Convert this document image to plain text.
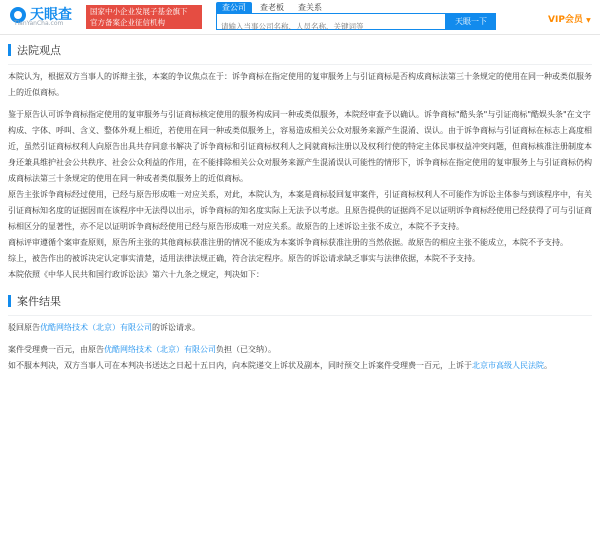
天眼查
TianYanCha.com
国家中小企业发展子基金旗下
官方备案企业征信机构
查公司	查老板	查关系
请输入当事公司名称、人员名称、关键词等
天眼一下	VIP会员 ▼
法院观点

本院认为，根据双方当事人的诉辩主张，本案的争议焦点在于：诉争商标在指定使用的复审服务上与引证商标是否构成商标法第三十条规定的使用在同一种或类似服务上的近似商标。

鉴于原告认可诉争商标指定使用的复审服务与引证商标核定使用的服务构成同一种或类似服务，本院经审查予以确认。诉争商标"酷头条"与引证商标"酷娱头条"在文字构成、字体、呼叫、含义、整体外观上相近，若使用在同一种或类似服务上，容易造成相关公众对服务来源产生混淆、误认。由于诉争商标与引证商标在标志上高度相近，虽然引证商标权利人向原告出具共存同意书解决了诉争商标和引证商标权利人之间就商标注册以及权利行使的特定主体民事权益冲突问题，但商标核准注册制度本身还兼具维护社会公共秩序、社会公众利益的作用，在不能排除相关公众对服务来源产生混淆误认可能性的情形下，诉争商标在指定使用的复审服务上与引证商标仍构成商标法第三十条规定的使用在同一种或者类似服务上的近似商标。

原告主张诉争商标经过使用，已经与原告形成唯一对应关系，对此，本院认为，本案是商标驳回复审案件，引证商标权利人不可能作为诉讼主体参与到该程序中，有关引证商标知名度的证据因而在该程序中无法得以出示，诉争商标的知名度实际上无法予以考虑。且原告提供的证据尚不足以证明诉争商标经使用已经获得了可与引证商标相区分的显著性，亦不足以证明诉争商标经使用已经与原告形成唯一对应关系。故原告的上述诉讼主张不成立，本院不予支持。

商标评审遵循个案审查原则，原告所主张的其他商标获准注册的情况不能成为本案诉争商标获准注册的当然依据。故原告的相应主张不能成立，本院不予支持。

综上，被告作出的被诉决定认定事实清楚，适用法律法规正确，符合法定程序。原告的诉讼请求缺乏事实与法律依据，本院不予支持。

本院依照《中华人民共和国行政诉讼法》第六十九条之规定，判决如下：

案件结果

驳回原告优酷网络技术（北京）有限公司的诉讼请求。

案件受理费一百元，由原告优酷网络技术（北京）有限公司负担（已交纳）。

如不服本判决，双方当事人可在本判决书送达之日起十五日内，向本院递交上诉状及副本，同时预交上诉案件受理费一百元，上诉于北京市高级人民法院。
